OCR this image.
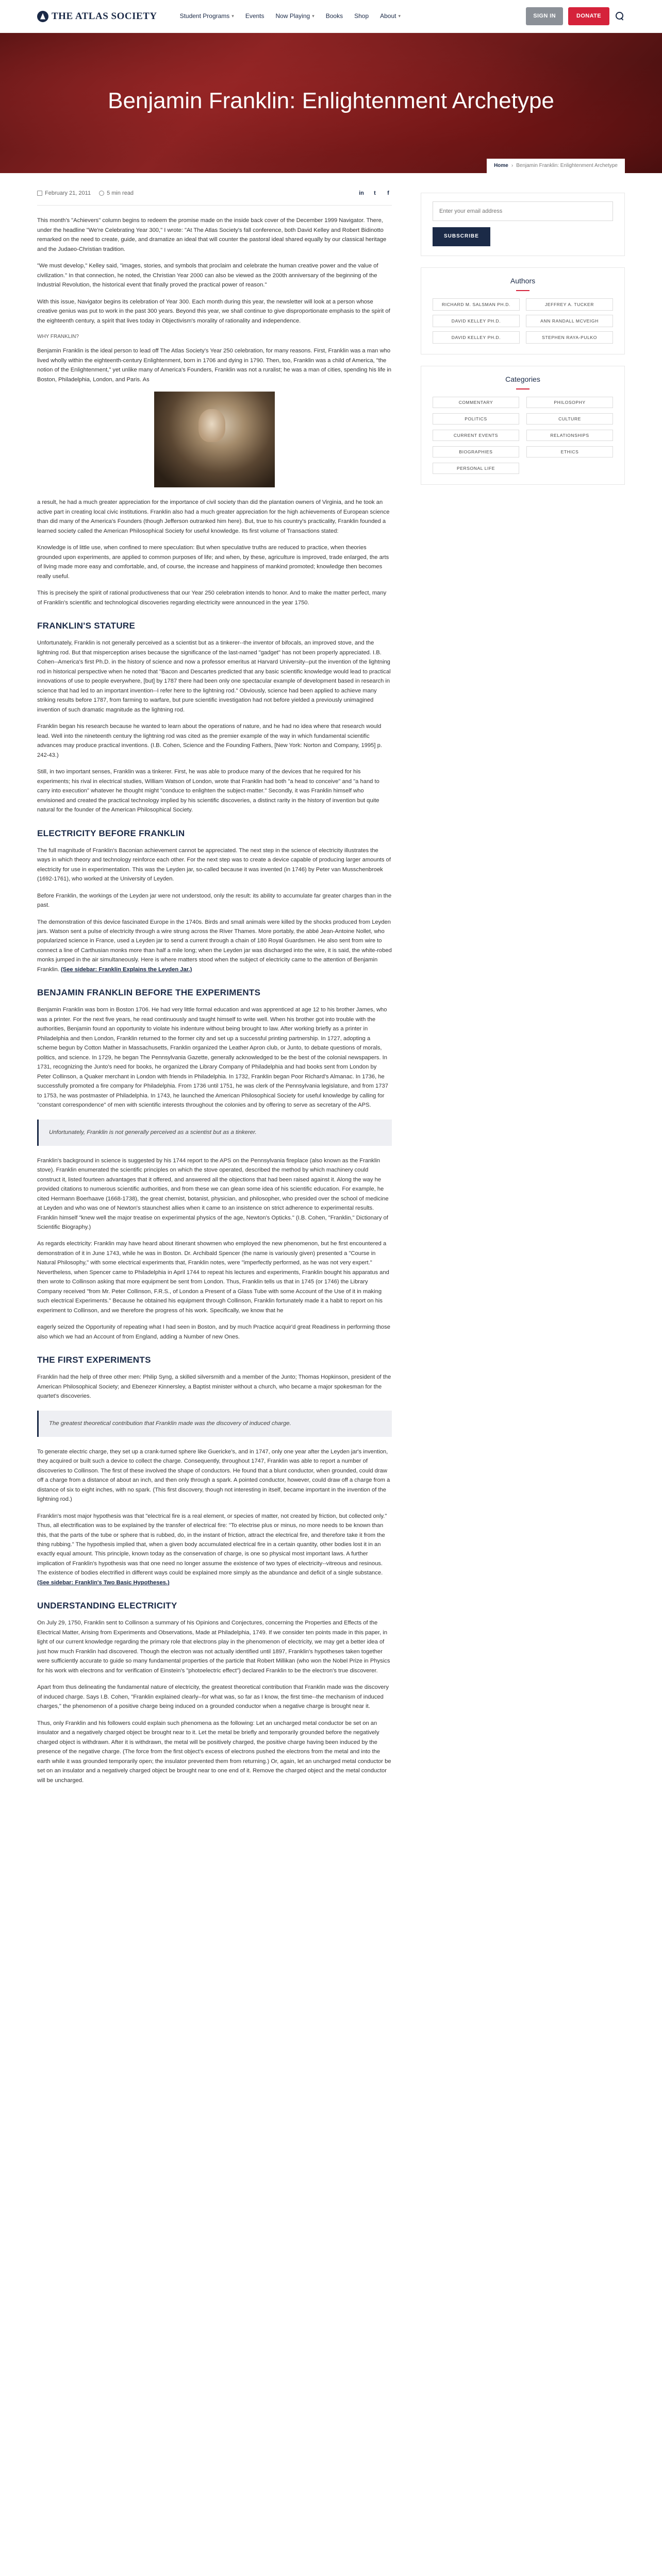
THE ATLAS SOCIETY	Student Programs ▾ Events Now Playing ▾ Books Shop About ▾	SIGN IN	DONATE
Benjamin Franklin: Enlightenment Archetype
Home › Benjamin Franklin: Enlightenment Archetype
February 21, 2011	5 min read	in	t	f

This month's "Achievers" column begins to redeem the promise made on the inside back cover of the December 1999 Navigator. There, under the headline "We're Celebrating Year 300," I wrote: "At The Atlas Society's fall conference, both David Kelley and Robert Bidinotto remarked on the need to create, guide, and dramatize an ideal that will counter the pastoral ideal shared equally by our classical heritage and the Judaeo-Christian tradition.

"We must develop," Kelley said, "images, stories, and symbols that proclaim and celebrate the human creative power and the value of civilization." In that connection, he noted, the Christian Year 2000 can also be viewed as the 200th anniversary of the beginning of the Industrial Revolution, the historical event that finally proved the practical power of reason."

With this issue, Navigator begins its celebration of Year 300. Each month during this year, the newsletter will look at a person whose creative genius was put to work in the past 300 years. Beyond this year, we shall continue to give disproportionate emphasis to the spirit of the eighteenth century, a spirit that lives today in Objectivism's morality of rationality and independence.

WHY FRANKLIN?

Benjamin Franklin is the ideal person to lead off The Atlas Society's Year 250 celebration, for many reasons. First, Franklin was a man who lived wholly within the eighteenth-century Enlightenment, born in 1706 and dying in 1790. Then, too, Franklin was a child of America, "the notion of the Enlightenment," yet unlike many of America's Founders, Franklin was not a ruralist; he was a man of cities, spending his life in Boston, Philadelphia, London, and Paris. As

a result, he had a much greater appreciation for the importance of civil society than did the plantation owners of Virginia, and he took an active part in creating local civic institutions. Franklin also had a much greater appreciation for the high achievements of European science than did many of the America's Founders (though Jefferson outranked him here). But, true to his country's practicality, Franklin founded a learned society called the American Philosophical Society for useful knowledge. Its first volume of Transactions stated:

Knowledge is of little use, when confined to mere speculation: But when speculative truths are reduced to practice, when theories grounded upon experiments, are applied to common purposes of life; and when, by these, agriculture is improved, trade enlarged, the arts of living made more easy and comfortable, and, of course, the increase and happiness of mankind promoted; knowledge then becomes really useful.

This is precisely the spirit of rational productiveness that our Year 250 celebration intends to honor. And to make the matter perfect, many of Franklin's scientific and technological discoveries regarding electricity were announced in the year 1750.

FRANKLIN'S STATURE

Unfortunately, Franklin is not generally perceived as a scientist but as a tinkerer--the inventor of bifocals, an improved stove, and the lightning rod. But that misperception arises because the significance of the last-named "gadget" has not been properly appreciated. I.B. Cohen--America's first Ph.D. in the history of science and now a professor emeritus at Harvard University--put the invention of the lightning rod in historical perspective when he noted that "Bacon and Descartes predicted that any basic scientific knowledge would lead to practical innovations of use to people everywhere, [but] by 1787 there had been only one spectacular example of development based in research in science that had led to an important invention--I refer here to the lightning rod." Obviously, science had been applied to achieve many striking results before 1787, from farming to warfare, but pure scientific investigation had not before yielded a previously unimagined invention of such dramatic magnitude as the lightning rod.

Franklin began his research because he wanted to learn about the operations of nature, and he had no idea where that research would lead. Well into the nineteenth century the lightning rod was cited as the premier example of the way in which fundamental scientific advances may produce practical inventions. (I.B. Cohen, Science and the Founding Fathers, [New York: Norton and Company, 1995] p. 242-43.)

Still, in two important senses, Franklin was a tinkerer. First, he was able to produce many of the devices that he required for his experiments; his rival in electrical studies, William Watson of London, wrote that Franklin had both "a head to conceive" and "a hand to carry into execution" whatever he thought might "conduce to enlighten the subject-matter." Secondly, it was Franklin himself who envisioned and created the practical technology implied by his scientific discoveries, a distinct rarity in the history of invention but quite natural for the founder of the American Philosophical Society.

ELECTRICITY BEFORE FRANKLIN

The full magnitude of Franklin's Baconian achievement cannot be appreciated. The next step in the science of electricity illustrates the ways in which theory and technology reinforce each other. For the next step was to create a device capable of producing larger amounts of electricity for use in experimentation. This was the Leyden jar, so-called because it was invented (in 1746) by Peter van Musschenbroek (1692-1761), who worked at the University of Leyden.

Before Franklin, the workings of the Leyden jar were not understood, only the result: its ability to accumulate far greater charges than in the past.

The demonstration of this device fascinated Europe in the 1740s. Birds and small animals were killed by the shocks produced from Leyden jars. Watson sent a pulse of electricity through a wire strung across the River Thames. More portably, the abbé Jean-Antoine Nollet, who popularized science in France, used a Leyden jar to send a current through a chain of 180 Royal Guardsmen. He also sent from wire to connect a line of Carthusian monks more than half a mile long; when the Leyden jar was discharged into the wire, it is said, the white-robed monks jumped in the air simultaneously. Here is where matters stood when the subject of electricity came to the attention of Benjamin Franklin. (See sidebar: Franklin Explains the Leyden Jar.)

BENJAMIN FRANKLIN BEFORE THE EXPERIMENTS

Benjamin Franklin was born in Boston 1706. He had very little formal education and was apprenticed at age 12 to his brother James, who was a printer. For the next five years, he read continuously and taught himself to write well. When his brother got into trouble with the authorities, Benjamin found an opportunity to violate his indenture without being brought to law. After working briefly as a printer in Philadelphia and then London, Franklin returned to the former city and set up a successful printing partnership. In 1727, adopting a scheme begun by Cotton Mather in Massachusetts, Franklin organized the Leather Apron club, or Junto, to debate questions of morals, politics, and science. In 1729, he began The Pennsylvania Gazette, generally acknowledged to be the best of the colonial newspapers. In 1731, recognizing the Junto's need for books, he organized the Library Company of Philadelphia and had books sent from London by Peter Collinson, a Quaker merchant in London with friends in Philadelphia. In 1732, Franklin began Poor Richard's Almanac. In 1736, he successfully promoted a fire company for Philadelphia. From 1736 until 1751, he was clerk of the Pennsylvania legislature, and from 1737 to 1753, he was postmaster of Philadelphia. In 1743, he launched the American Philosophical Society for useful knowledge by calling for "constant correspondence" of men with scientific interests throughout the colonies and by offering to serve as secretary of the APS.

Unfortunately, Franklin is not generally perceived as a scientist but as a tinkerer.

Franklin's background in science is suggested by his 1744 report to the APS on the Pennsylvania fireplace (also known as the Franklin stove). Franklin enumerated the scientific principles on which the stove operated, described the method by which machinery could construct it, listed fourteen advantages that it offered, and answered all the objections that had been raised against it. Along the way he provided citations to numerous scientific authorities, and from these we can glean some idea of his scientific education. For example, he cited Hermann Boerhaave (1668-1738), the great chemist, botanist, physician, and philosopher, who presided over the school of medicine at Leyden and who was one of Newton's staunchest allies when it came to an insistence on strict adherence to experimental results. Franklin himself "knew well the major treatise on experimental physics of the age, Newton's Opticks." (I.B. Cohen, "Franklin," Dictionary of Scientific Biography.)

As regards electricity: Franklin may have heard about itinerant showmen who employed the new phenomenon, but he first encountered a demonstration of it in June 1743, while he was in Boston. Dr. Archibald Spencer (the name is variously given) presented a "Course in Natural Philosophy," with some electrical experiments that, Franklin notes, were "imperfectly performed, as he was not very expert." Nevertheless, when Spencer came to Philadelphia in April 1744 to repeat his lectures and experiments, Franklin bought his apparatus and then wrote to Collinson asking that more equipment be sent from London. Thus, Franklin tells us that in 1745 (or 1746) the Library Company received "from Mr. Peter Collinson, F.R.S., of London a Present of a Glass Tube with some Account of the Use of it in making such electrical Experiments." Because he obtained his equipment through Collinson, Franklin fortunately made it a habit to report on his experiment to Collinson, and we therefore the progress of his work. Specifically, we know that he

eagerly seized the Opportunity of repeating what I had seen in Boston, and by much Practice acquir'd great Readiness in performing those also which we had an Account of from England, adding a Number of new Ones.

THE FIRST EXPERIMENTS

Franklin had the help of three other men: Philip Syng, a skilled silversmith and a member of the Junto; Thomas Hopkinson, president of the American Philosophical Society; and Ebenezer Kinnersley, a Baptist minister without a church, who became a major spokesman for the quartet's discoveries.

The greatest theoretical contribution that Franklin made was the discovery of induced charge.

To generate electric charge, they set up a crank-turned sphere like Guericke's, and in 1747, only one year after the Leyden jar's invention, they acquired or built such a device to collect the charge. Consequently, throughout 1747, Franklin was able to report a number of discoveries to Collinson. The first of these involved the shape of conductors. He found that a blunt conductor, when grounded, could draw off a charge from a distance of about an inch, and then only through a spark. A pointed conductor, however, could draw off a charge from a distance of six to eight inches, with no spark. (This first discovery, though not interesting in itself, became important in the invention of the lightning rod.)

Franklin's most major hypothesis was that "electrical fire is a real element, or species of matter, not created by friction, but collected only." Thus, all electrification was to be explained by the transfer of electrical fire: "To electrise plus or minus, no more needs to be known than this, that the parts of the tube or sphere that is rubbed, do, in the instant of friction, attract the electrical fire, and therefore take it from the thing rubbing." The hypothesis implied that, when a given body accumulated electrical fire in a certain quantity, other bodies lost it in an exactly equal amount. This principle, known today as the conservation of charge, is one so physical most important laws. A further implication of Franklin's hypothesis was that one need no longer assume the existence of two types of electricity--vitreous and resinous. The existence of bodies electrified in different ways could be explained more simply as the abundance and deficit of a single substance. (See sidebar: Franklin's Two Basic Hypotheses.)

UNDERSTANDING ELECTRICITY

On July 29, 1750, Franklin sent to Collinson a summary of his Opinions and Conjectures, concerning the Properties and Effects of the Electrical Matter, Arising from Experiments and Observations, Made at Philadelphia, 1749. If we consider ten points made in this paper, in light of our current knowledge regarding the primary role that electrons play in the phenomenon of electricity, we may get a better idea of just how much Franklin had discovered. Though the electron was not actually identified until 1897, Franklin's hypotheses taken together were sufficiently accurate to guide so many fundamental properties of the particle that Robert Millikan (who won the Nobel Prize in Physics for his work with electrons and for verification of Einstein's "photoelectric effect") declared Franklin to be the electron's true discoverer.

Apart from thus delineating the fundamental nature of electricity, the greatest theoretical contribution that Franklin made was the discovery of induced charge. Says I.B. Cohen, "Franklin explained clearly--for what was, so far as I know, the first time--the mechanism of induced charges," the phenomenon of a positive charge being induced on a grounded conductor when a negative charge is brought near it.

Thus, only Franklin and his followers could explain such phenomena as the following: Let an uncharged metal conductor be set on an insulator and a negatively charged object be brought near to it. Let the metal be briefly and temporarily grounded before the negatively charged object is withdrawn. After it is withdrawn, the metal will be positively charged, the positive charge having been induced by the presence of the negative charge. (The force from the first object's excess of electrons pushed the electrons from the metal and into the earth while it was grounded temporarily open; the insulator prevented them from returning.) Or, again, let an uncharged metal conductor be set on an insulator and a negatively charged object be brought near to one end of it. Remove the charged object and the metal conductor will be uncharged.

Enter your email address SUBSCRIBE
Authors
RICHARD M. SALSMAN PH.D.	JEFFREY A. TUCKER
DAVID KELLEY PH.D.	ANN RANDALL MCVEIGH
DAVID KELLEY PH.D.	STEPHEN RAYA-PULKO
Categories
COMMENTARY	PHILOSOPHY
POLITICS	CULTURE
CURRENT EVENTS	RELATIONSHIPS
BIOGRAPHIES	ETHICS
PERSONAL LIFE
